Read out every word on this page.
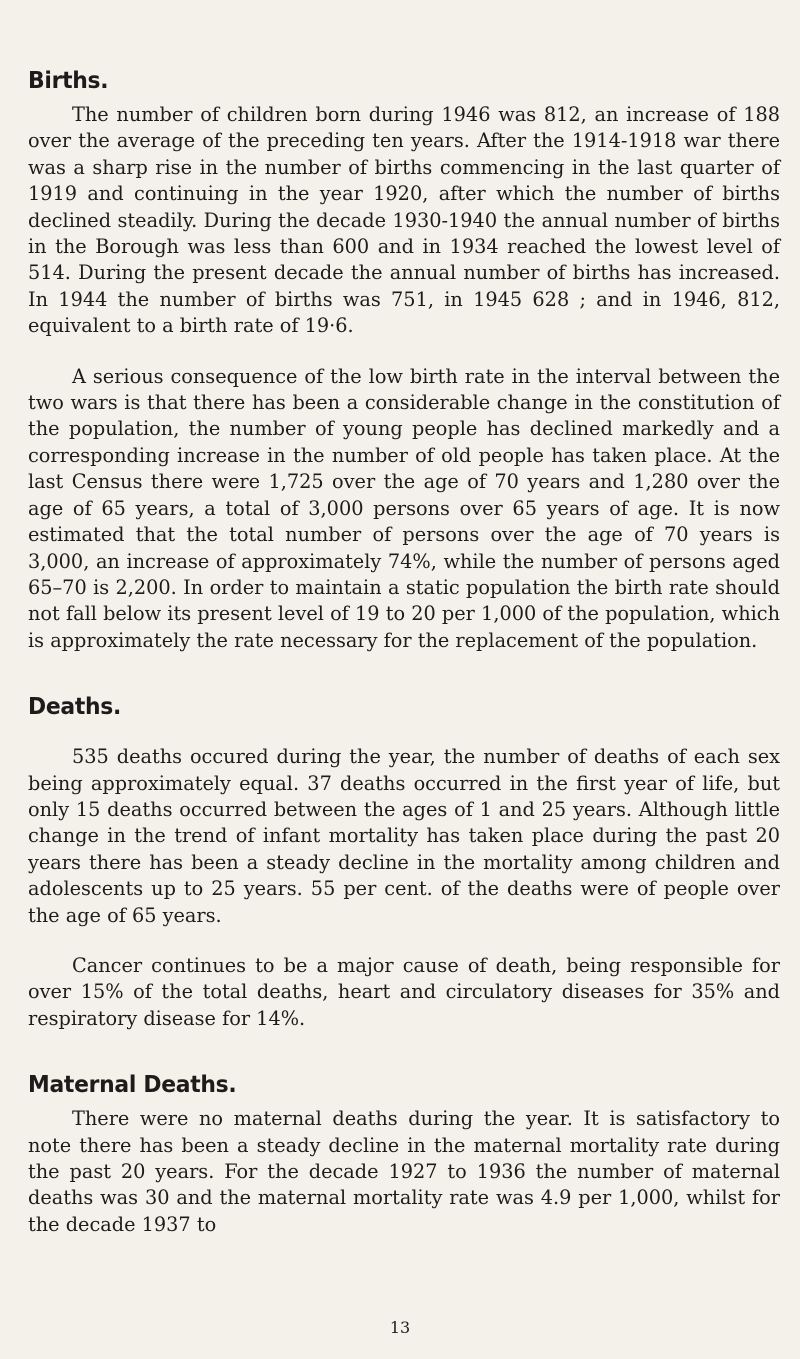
Births.

The number of children born during 1946 was 812, an increase of 188 over the average of the preceding ten years. After the 1914-1918 war there was a sharp rise in the number of births commencing in the last quarter of 1919 and continuing in the year 1920, after which the number of births declined steadily. During the decade 1930-1940 the annual number of births in the Borough was less than 600 and in 1934 reached the lowest level of 514. During the present decade the annual number of births has increased. In 1944 the number of births was 751, in 1945 628 ; and in 1946, 812, equivalent to a birth rate of 19·6.

A serious consequence of the low birth rate in the interval between the two wars is that there has been a considerable change in the constitution of the population, the number of young people has declined markedly and a corresponding increase in the number of old people has taken place. At the last Census there were 1,725 over the age of 70 years and 1,280 over the age of 65 years, a total of 3,000 persons over 65 years of age. It is now estimated that the total number of persons over the age of 70 years is 3,000, an increase of approximately 74%, while the number of persons aged 65–70 is 2,200. In order to maintain a static population the birth rate should not fall below its present level of 19 to 20 per 1,000 of the population, which is approximately the rate necessary for the replacement of the population.

Deaths.

535 deaths occured during the year, the number of deaths of each sex being approximately equal. 37 deaths occurred in the first year of life, but only 15 deaths occurred between the ages of 1 and 25 years. Although little change in the trend of infant mortality has taken place during the past 20 years there has been a steady decline in the mortality among children and adolescents up to 25 years. 55 per cent. of the deaths were of people over the age of 65 years.

Cancer continues to be a major cause of death, being responsible for over 15% of the total deaths, heart and circulatory diseases for 35% and respiratory disease for 14%.

Maternal Deaths.

There were no maternal deaths during the year. It is satisfactory to note there has been a steady decline in the maternal mortality rate during the past 20 years. For the decade 1927 to 1936 the number of maternal deaths was 30 and the maternal mortality rate was 4.9 per 1,000, whilst for the decade 1937 to

13
